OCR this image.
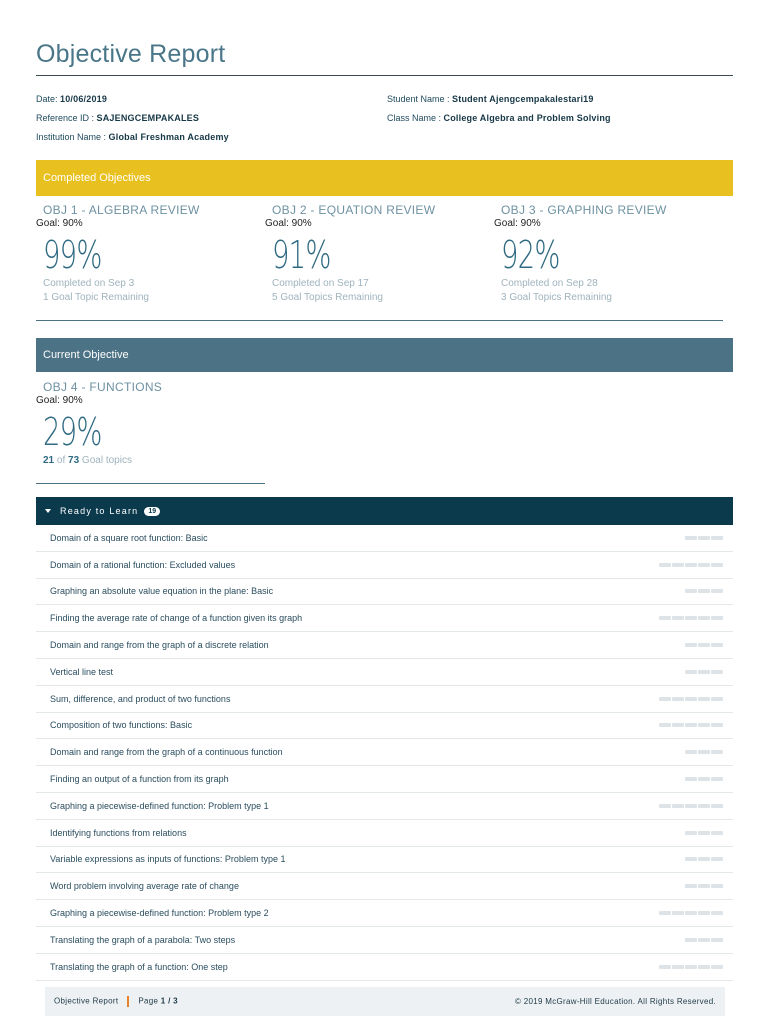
Objective Report
Date: 10/06/2019
Reference ID : SAJENGCEMPAKALES
Institution Name : Global Freshman Academy
Student Name : Student Ajengcempakalestari19
Class Name : College Algebra and Problem Solving
Completed Objectives
OBJ 1 - ALGEBRA REVIEW
Goal: 90%
99%
Completed on Sep 3
1 Goal Topic Remaining
OBJ 2 - EQUATION REVIEW
Goal: 90%
91%
Completed on Sep 17
5 Goal Topics Remaining
OBJ 3 - GRAPHING REVIEW
Goal: 90%
92%
Completed on Sep 28
3 Goal Topics Remaining
Current Objective
OBJ 4 - FUNCTIONS
Goal: 90%
29%
21 of 73 Goal topics
Ready to Learn	19
Domain of a square root function: Basic
Domain of a rational function: Excluded values
Graphing an absolute value equation in the plane: Basic
Finding the average rate of change of a function given its graph
Domain and range from the graph of a discrete relation
Vertical line test
Sum, difference, and product of two functions
Composition of two functions: Basic
Domain and range from the graph of a continuous function
Finding an output of a function from its graph
Graphing a piecewise-defined function: Problem type 1
Identifying functions from relations
Variable expressions as inputs of functions: Problem type 1
Word problem involving average rate of change
Graphing a piecewise-defined function: Problem type 2
Translating the graph of a parabola: Two steps
Translating the graph of a function: One step
Objective Report	Page 1 / 3	© 2019 McGraw-Hill Education. All Rights Reserved.
